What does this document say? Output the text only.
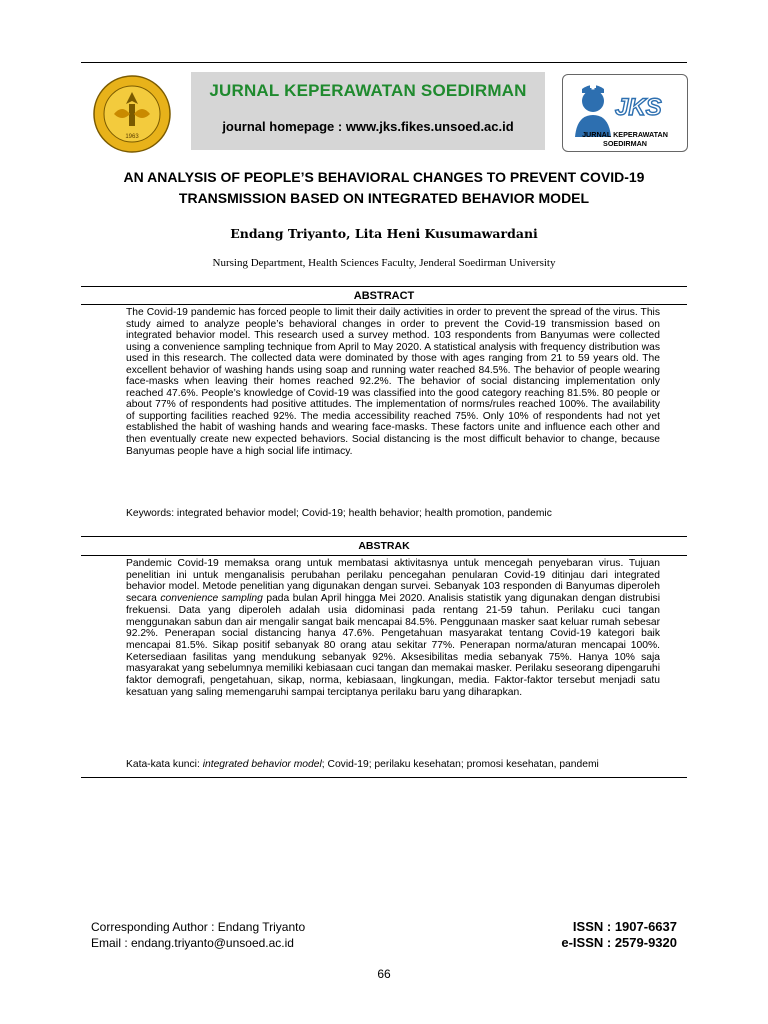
1963
JURNAL KEPERAWATAN SOEDIRMAN
journal homepage : www.jks.fikes.unsoed.ac.id
JKS
JURNAL KEPERAWATAN SOEDIRMAN
AN ANALYSIS OF PEOPLE’S BEHAVIORAL CHANGES TO PREVENT COVID-19 TRANSMISSION BASED ON INTEGRATED BEHAVIOR MODEL
Endang Triyanto, Lita Heni Kusumawardani
Nursing Department, Health Sciences Faculty, Jenderal Soedirman University
ABSTRACT

The Covid-19 pandemic has forced people to limit their daily activities in order to prevent the spread of the virus. This study aimed to analyze people’s behavioral changes in order to prevent the Covid-19 transmission based on integrated behavior model. This research used a survey method. 103 respondents from Banyumas were collected using a convenience sampling technique from April to May 2020. A statistical analysis with frequency distribution was used in this research. The collected data were dominated by those with ages ranging from 21 to 59 years old. The excellent behavior of washing hands using soap and running water reached 84.5%. The behavior of people wearing face-masks when leaving their homes reached 92.2%. The behavior of social distancing implementation only reached 47.6%. People’s knowledge of Covid-19 was classified into the good category reaching 81.5%. 80 people or about 77% of respondents had positive attitudes. The implementation of norms/rules reached 100%. The availability of supporting facilities reached 92%. The media accessibility reached 75%. Only 10% of respondents had not yet established the habit of washing hands and wearing face-masks. These factors unite and influence each other and then eventually create new expected behaviors. Social distancing is the most difficult behavior to change, because Banyumas people have a high social life intimacy.

Keywords: integrated behavior model; Covid-19; health behavior; health promotion, pandemic

ABSTRAK

Pandemic Covid-19 memaksa orang untuk membatasi aktivitasnya untuk mencegah penyebaran virus. Tujuan penelitian ini untuk menganalisis perubahan perilaku pencegahan penularan Covid-19 ditinjau dari integrated behavior model. Metode penelitian yang digunakan dengan survei. Sebanyak 103 responden di Banyumas diperoleh secara convenience sampling pada bulan April hingga Mei 2020. Analisis statistik yang digunakan dengan distrubisi frekuensi. Data yang diperoleh adalah usia didominasi pada rentang 21-59 tahun. Perilaku cuci tangan menggunakan sabun dan air mengalir sangat baik mencapai 84.5%. Penggunaan masker saat keluar rumah sebesar 92.2%. Penerapan social distancing hanya 47.6%. Pengetahuan masyarakat tentang Covid-19 kategori baik mencapai 81.5%. Sikap positif sebanyak 80 orang atau sekitar 77%. Penerapan norma/aturan mencapai 100%. Ketersediaan fasilitas yang mendukung sebanyak 92%. Aksesibilitas media sebanyak 75%. Hanya 10% saja masyarakat yang sebelumnya memiliki kebiasaan cuci tangan dan memakai masker. Perilaku seseorang dipengaruhi faktor demografi, pengetahuan, sikap, norma, kebiasaan, lingkungan, media. Faktor-faktor tersebut menjadi satu kesatuan yang saling memengaruhi sampai terciptanya perilaku baru yang diharapkan.

Kata-kata kunci: integrated behavior model; Covid-19; perilaku kesehatan; promosi kesehatan, pandemi

Corresponding Author : Endang Triyanto
Email : endang.triyanto@unsoed.ac.id
ISSN : 1907-6637
e-ISSN : 2579-9320
66
